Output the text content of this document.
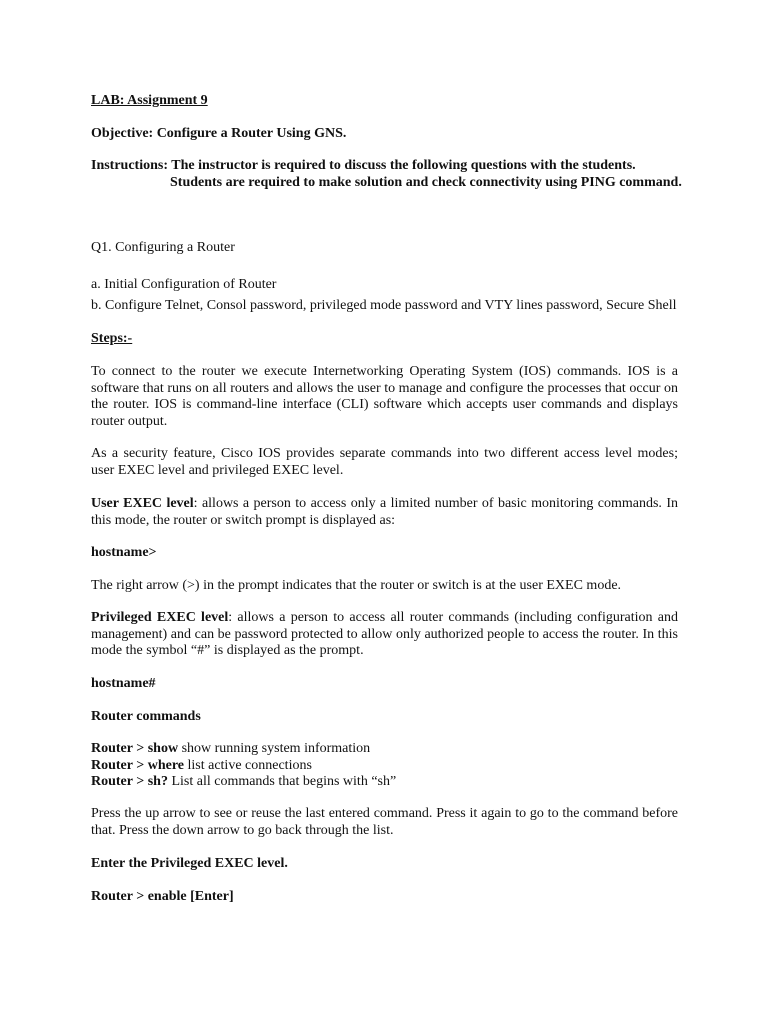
LAB: Assignment 9
Objective: Configure a Router Using GNS.
Instructions: The instructor is required to discuss the following questions with the students.
Students are required to make solution and check connectivity using PING command.
Q1. Configuring a Router
a. Initial Configuration of Router
b. Configure Telnet, Consol password, privileged mode password and VTY lines password, Secure Shell
Steps:-
To connect to the router we execute Internetworking Operating System (IOS) commands. IOS is a software that runs on all routers and allows the user to manage and configure the processes that occur on the router. IOS is command-line interface (CLI) software which accepts user commands and displays router output.
As a security feature, Cisco IOS provides separate commands into two different access level modes; user EXEC level and privileged EXEC level.
User EXEC level: allows a person to access only a limited number of basic monitoring commands. In this mode, the router or switch prompt is displayed as:
hostname>
The right arrow (>) in the prompt indicates that the router or switch is at the user EXEC mode.
Privileged EXEC level: allows a person to access all router commands (including configuration and management) and can be password protected to allow only authorized people to access the router. In this mode the symbol “#” is displayed as the prompt.
hostname#
Router commands
Router > show show running system information
Router > where list active connections
Router > sh? List all commands that begins with “sh”
Press the up arrow to see or reuse the last entered command. Press it again to go to the command before that. Press the down arrow to go back through the list.
Enter the Privileged EXEC level.
Router > enable [Enter]
